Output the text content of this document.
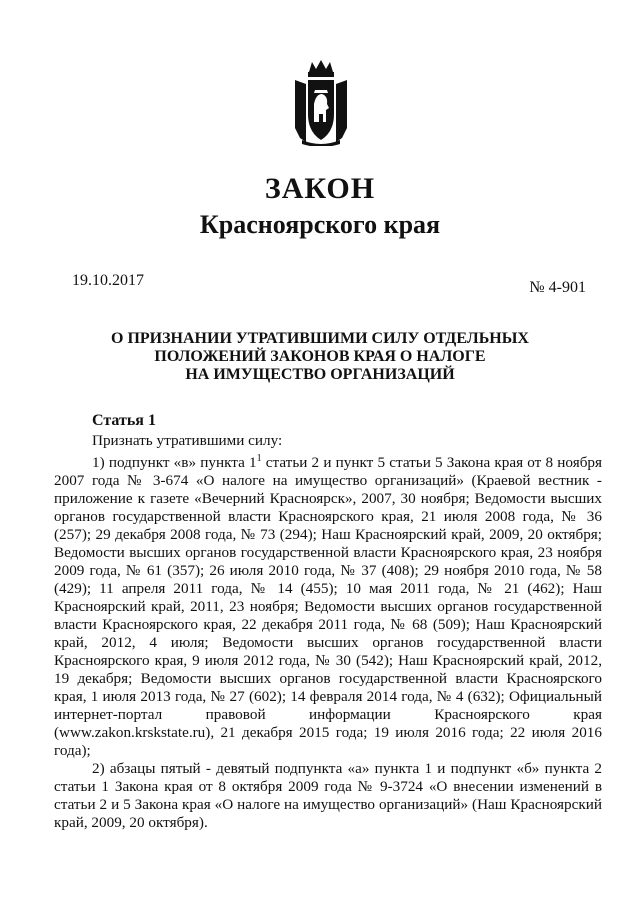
ЗАКОН
Красноярского края
19.10.2017	№ 4-901
О ПРИЗНАНИИ УТРАТИВШИМИ СИЛУ ОТДЕЛЬНЫХ
ПОЛОЖЕНИЙ ЗАКОНОВ КРАЯ О НАЛОГЕ
НА ИМУЩЕСТВО ОРГАНИЗАЦИЙ
Статья 1
Признать утратившими силу:

1) подпункт «в» пункта $1^1$ статьи 2 и пункт 5 статьи 5 Закона края от 8 ноября 2007 года № 3-674 «О налоге на имущество организаций» (Краевой вестник - приложение к газете «Вечерний Красноярск», 2007, 30 ноября; Ведомости высших органов государственной власти Красноярского края, 21 июля 2008 года, № 36 (257); 29 декабря 2008 года, № 73 (294); Наш Красноярский край, 2009, 20 октября; Ведомости высших органов государственной власти Красноярского края, 23 ноября 2009 года, № 61 (357); 26 июля 2010 года, № 37 (408); 29 ноября 2010 года, № 58 (429); 11 апреля 2011 года, № 14 (455); 10 мая 2011 года, № 21 (462); Наш Красноярский край, 2011, 23 ноября; Ведомости высших органов государственной власти Красноярского края, 22 декабря 2011 года, № 68 (509); Наш Красноярский край, 2012, 4 июля; Ведомости высших органов государственной власти Красноярского края, 9 июля 2012 года, № 30 (542); Наш Красноярский край, 2012, 19 декабря; Ведомости высших органов государственной власти Красноярского края, 1 июля 2013 года, № 27 (602); 14 февраля 2014 года, № 4 (632); Официальный интернет-портал правовой информации Красноярского края (www.zakon.krskstate.ru), 21 декабря 2015 года; 19 июля 2016 года; 22 июля 2016 года);

2) абзацы пятый - девятый подпункта «а» пункта 1 и подпункт «б» пункта 2 статьи 1 Закона края от 8 октября 2009 года № 9-3724 «О внесении изменений в статьи 2 и 5 Закона края «О налоге на имущество организаций» (Наш Красноярский край, 2009, 20 октября).
